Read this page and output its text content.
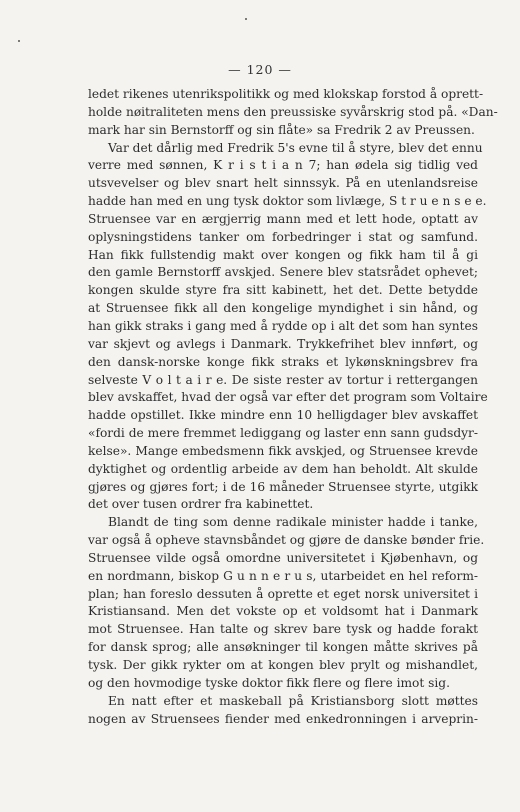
— 120 —
ledet rikenes utenrikspolitikk og med klokskap forstod å oprett-
holde nøitraliteten mens den preussiske syvårskrig stod på. «Dan-
mark har sin Bernstorff og sin flåte» sa Fredrik 2 av Preussen.
Var det dårlig med Fredrik 5's evne til å styre, blev det ennu
verre med sønnen, K r i s t i a n 7; han ødela sig tidlig ved
utsvevelser og blev snart helt sinnssyk. På en utenlandsreise
hadde han med en ung tysk doktor som livlæge, S t r u e n s e e.
Struensee var en ærgjerrig mann med et lett hode, optatt av
oplysningstidens tanker om forbedringer i stat og samfund.
Han fikk fullstendig makt over kongen og fikk ham til å gi
den gamle Bernstorff avskjed. Senere blev statsrådet ophevet;
kongen skulde styre fra sitt kabinett, het det. Dette betydde
at Struensee fikk all den kongelige myndighet i sin hånd, og
han gikk straks i gang med å rydde op i alt det som han syntes
var skjevt og avlegs i Danmark. Trykkefrihet blev innført, og
den dansk-norske konge fikk straks et lykønskningsbrev fra
selveste V o l t a i r e. De siste rester av tortur i rettergangen
blev avskaffet, hvad der også var efter det program som Voltaire
hadde opstillet. Ikke mindre enn 10 helligdager blev avskaffet
«fordi de mere fremmet lediggang og laster enn sann gudsdyr-
kelse». Mange embedsmenn fikk avskjed, og Struensee krevde
dyktighet og ordentlig arbeide av dem han beholdt. Alt skulde
gjøres og gjøres fort; i de 16 måneder Struensee styrte, utgikk
det over tusen ordrer fra kabinettet.
Blandt de ting som denne radikale minister hadde i tanke,
var også å opheve stavnsbåndet og gjøre de danske bønder frie.
Struensee vilde også omordne universitetet i Kjøbenhavn, og
en nordmann, biskop G u n n e r u s, utarbeidet en hel reform-
plan; han foreslo dessuten å oprette et eget norsk universitet i
Kristiansand. Men det vokste op et voldsomt hat i Danmark
mot Struensee. Han talte og skrev bare tysk og hadde forakt
for dansk sprog; alle ansøkninger til kongen måtte skrives på
tysk. Der gikk rykter om at kongen blev prylt og mishandlet,
og den hovmodige tyske doktor fikk flere og flere imot sig.
En natt efter et maskeball på Kristiansborg slott møttes
nogen av Struensees fiender med enkedronningen i arveprin-
